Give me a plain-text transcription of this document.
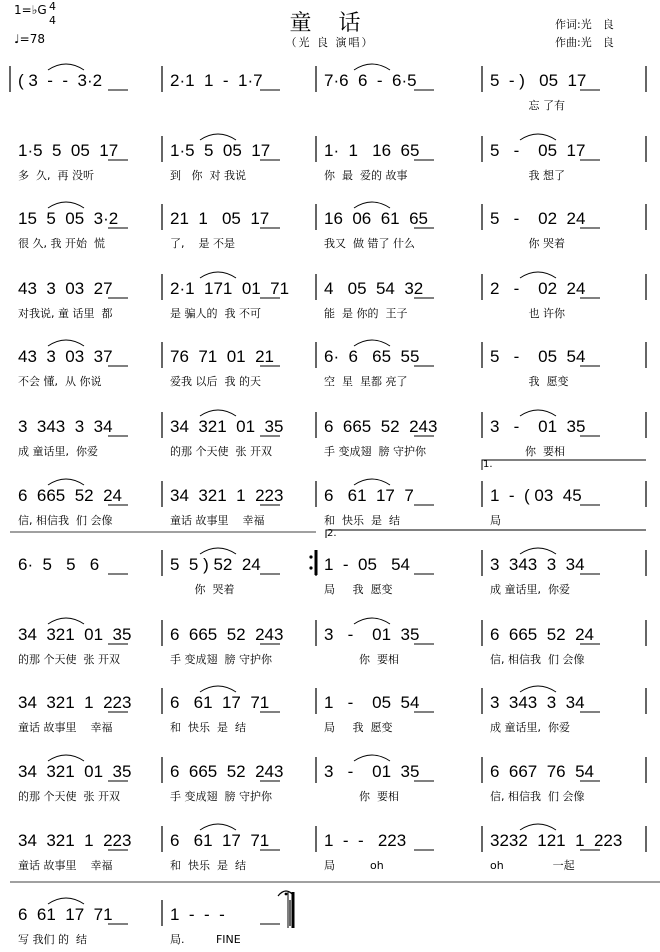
( 3  -  -  3·2	2·1  1  -  1·7	7·6  6  -  6·5	5  - )   05  17
忘 了有
1·5  5  05  17
多  久,  再 没听
1·5  5  05  17
到   你  对 我说
1·  1   16  65
你  最  爱的 故事
5   -    05  17
我 想了
15  5  05  3·2
很 久, 我 开始  慌
21  1   05  17
了,    是 不是
16  06  61  65
我又  做 错了 什么
5   -    02  24
你 哭着
43  3  03  27
对我说, 童 话里  都
2·1  171  01  71
是 骗人的  我 不可
4   05  54  32
能  是 你的  王子
2   -    02  24
也 许你
43  3  03  37
不会 懂,  从 你说
76  71  01  21
爱我 以后  我 的天
6·  6   65  55
空  星  星都 亮了
5   -    05  54
我  愿变
3  343  3  34
成 童话里,  你爱
34  321  01  35
的那 个天使  张 开双
6  665  52  243
手 变成翅  膀 守护你
3   -    01  35
你  要相
6  665  52  24
信, 相信我  们 会像
34  321  1  223
童话 故事里    幸福
6   61  17  7
和  快乐  是  结
1  -  ( 03  45
局
6·  5   5   6	5  5 ) 52  24
你  哭着
1  -  05   54
局     我  愿变
3  343  3  34
成 童话里,  你爱
34  321  01  35
的那 个天使  张 开双
6  665  52  243
手 变成翅  膀 守护你
3   -    01  35
你  要相
6  665  52  24
信, 相信我  们 会像
34  321  1  223
童话 故事里    幸福
6   61  17  71
和  快乐  是  结
1   -    05  54
局     我  愿变
3  343  3  34
成 童话里,  你爱
34  321  01  35
的那 个天使  张 开双
6  665  52  243
手 变成翅  膀 守护你
3   -    01  35
你  要相
6  667  76  54
信, 相信我  们 会像
34  321  1  223
童话 故事里    幸福
6   61  17  71
和  快乐  是  结
1  -  -   223
局          oh
3232  121  1  223
oh              一起
6  61  17  71
写 我们 的  结
1  -  -  -
局.         FINE
1=♭G 4
4
♩=78
童 话
（光 良 演唱）
作词:光　良
作曲:光　良
1.
2.
